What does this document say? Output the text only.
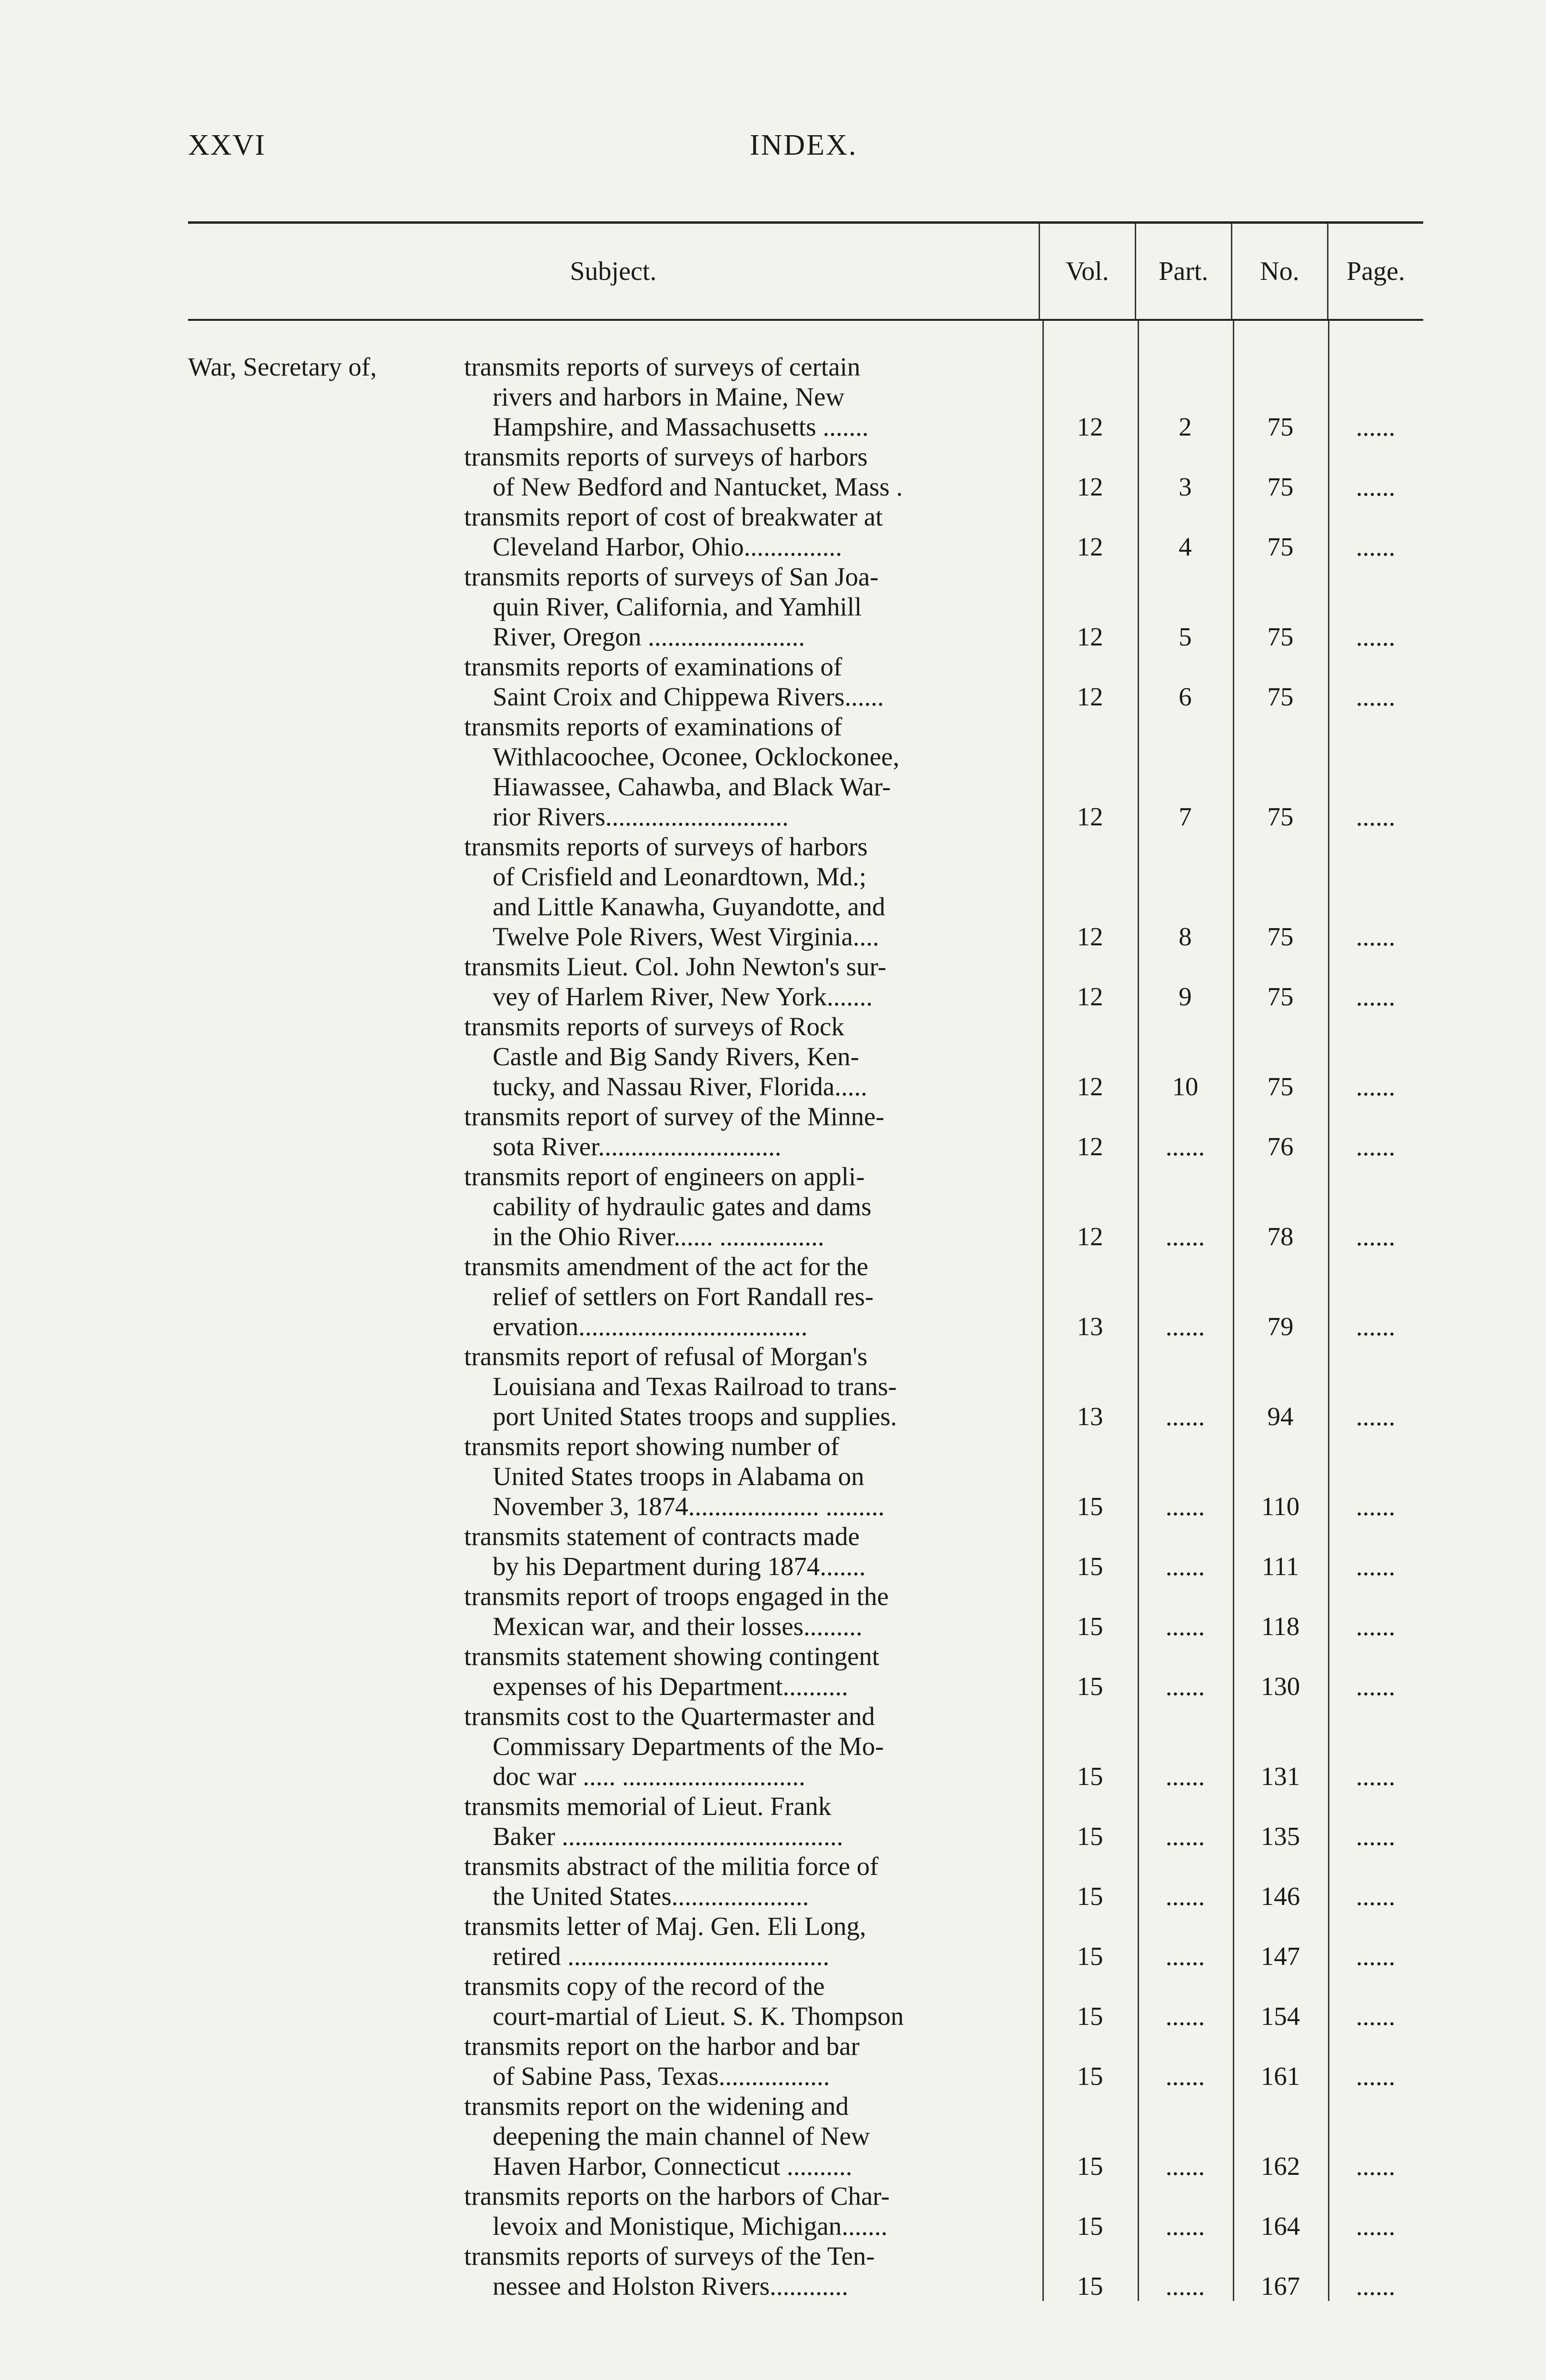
XXVI	INDEX.
Subject.	Vol.	Part.	No.	Page.
War, Secretary of,	transmits reports of surveys of certain
rivers and harbors in Maine, New
Hampshire, and Massachusetts .......	12	2	75	......
transmits reports of surveys of harbors
of New Bedford and Nantucket, Mass .	12	3	75	......
transmits report of cost of breakwater at
Cleveland Harbor, Ohio...............	12	4	75	......
transmits reports of surveys of San Joa-
quin River, California, and Yamhill
River, Oregon ........................	12	5	75	......
transmits reports of examinations of
Saint Croix and Chippewa Rivers......	12	6	75	......
transmits reports of examinations of
Withlacoochee, Oconee, Ocklockonee,
Hiawassee, Cahawba, and Black War-
rior Rivers............................	12	7	75	......
transmits reports of surveys of harbors
of Crisfield and Leonardtown, Md.;
and Little Kanawha, Guyandotte, and
Twelve Pole Rivers, West Virginia....	12	8	75	......
transmits Lieut. Col. John Newton's sur-
vey of Harlem River, New York.......	12	9	75	......
transmits reports of surveys of Rock
Castle and Big Sandy Rivers, Ken-
tucky, and Nassau River, Florida.....	12	10	75	......
transmits report of survey of the Minne-
sota River............................	12	......	76	......
transmits report of engineers on appli-
cability of hydraulic gates and dams
in the Ohio River...... ................	12	......	78	......
transmits amendment of the act for the
relief of settlers on Fort Randall res-
ervation...................................	13	......	79	......
transmits report of refusal of Morgan's
Louisiana and Texas Railroad to trans-
port United States troops and supplies.	13	......	94	......
transmits report showing number of
United States troops in Alabama on
November 3, 1874.................... .........	15	......	110	......
transmits statement of contracts made
by his Department during 1874.......	15	......	111	......
transmits report of troops engaged in the
Mexican war, and their losses.........	15	......	118	......
transmits statement showing contingent
expenses of his Department..........	15	......	130	......
transmits cost to the Quartermaster and
Commissary Departments of the Mo-
doc war ..... ............................	15	......	131	......
transmits memorial of Lieut. Frank
Baker ...........................................	15	......	135	......
transmits abstract of the militia force of
the United States.....................	15	......	146	......
transmits letter of Maj. Gen. Eli Long,
retired ........................................	15	......	147	......
transmits copy of the record of the
court-martial of Lieut. S. K. Thompson	15	......	154	......
transmits report on the harbor and bar
of Sabine Pass, Texas.................	15	......	161	......
transmits report on the widening and
deepening the main channel of New
Haven Harbor, Connecticut ..........	15	......	162	......
transmits reports on the harbors of Char-
levoix and Monistique, Michigan.......	15	......	164	......
transmits reports of surveys of the Ten-
nessee and Holston Rivers............	15	......	167	......
